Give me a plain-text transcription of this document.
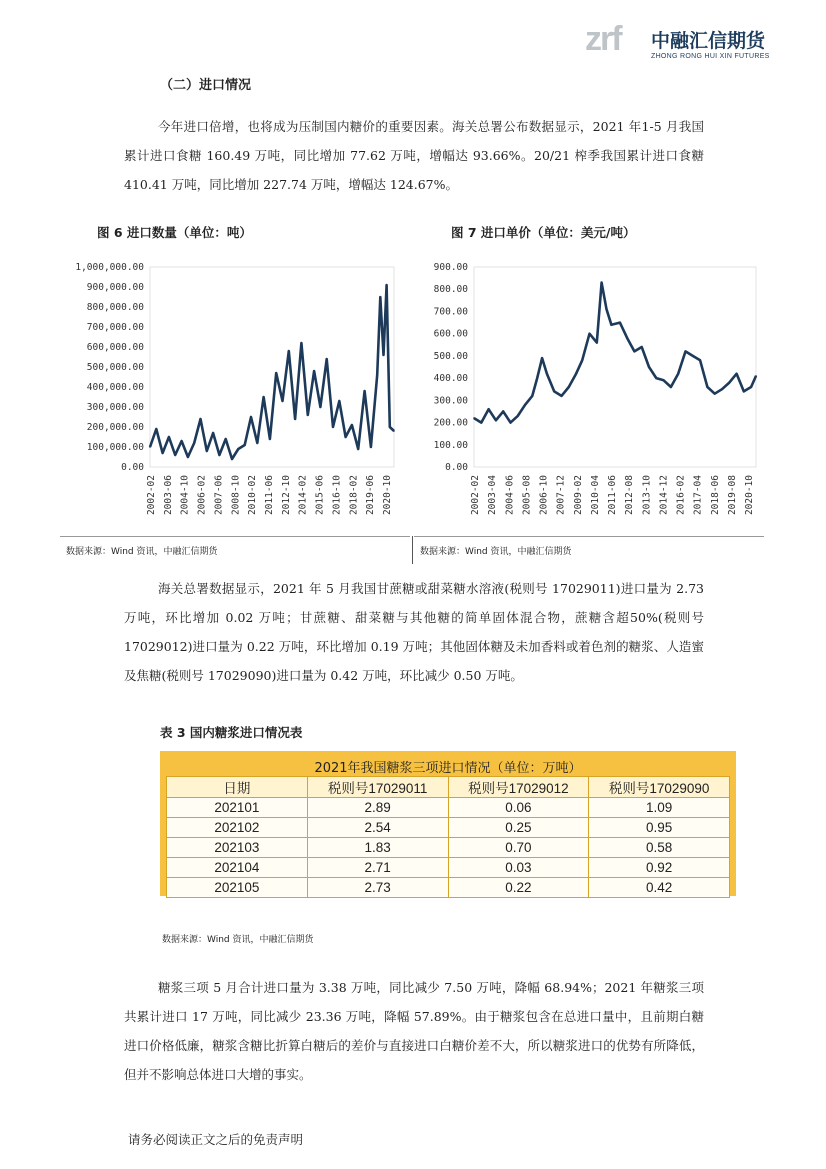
zrf 中融汇信期货
ZHONG RONG HUI XIN FUTURES
（二）进口情况
今年进口倍增，也将成为压制国内糖价的重要因素。海关总署公布数据显示，2021 年1-5 月我国累计进口食糖 160.49 万吨，同比增加 77.62 万吨，增幅达 93.66%。20/21 榨季我国累计进口食糖 410.41 万吨，同比增加 227.74 万吨，增幅达 124.67%。
图 6 进口数量（单位：吨）
1,000,000.00
900,000.00
800,000.00
700,000.00
600,000.00
500,000.00
400,000.00
300,000.00
200,000.00
100,000.00
0.00
2002-02 2003-06 2004-10 2006-02 2007-06 2008-10 2010-02 2011-06 2012-10 2014-02 2015-06 2016-10 2018-02 2019-06 2020-10
图 7 进口单价（单位：美元/吨）
900.00
800.00
700.00
600.00
500.00
400.00
300.00
200.00
100.00
0.00
2002-02 2003-04 2004-06 2005-08 2006-10 2007-12 2009-02 2010-04 2011-06 2012-08 2013-10 2014-12 2016-02 2017-04 2018-06 2019-08 2020-10
数据来源：Wind 资讯，中融汇信期货	数据来源：Wind 资讯，中融汇信期货
海关总署数据显示，2021 年 5 月我国甘蔗糖或甜菜糖水溶液(税则号 17029011)进口量为 2.73 万吨，环比增加 0.02 万吨；甘蔗糖、甜菜糖与其他糖的简单固体混合物，蔗糖含超50%(税则号 17029012)进口量为 0.22 万吨，环比增加 0.19 万吨；其他固体糖及未加香料或着色剂的糖浆、人造蜜及焦糖(税则号 17029090)进口量为 0.42 万吨，环比减少 0.50 万吨。
表 3 国内糖浆进口情况表
2021年我国糖浆三项进口情况（单位：万吨）			
日期	税则号17029011	税则号17029012	税则号17029090
202101	2.89	0.06	1.09
202102	2.54	0.25	0.95
202103	1.83	0.70	0.58
202104	2.71	0.03	0.92
202105	2.73	0.22	0.42
数据来源：Wind 资讯，中融汇信期货
糖浆三项 5 月合计进口量为 3.38 万吨，同比减少 7.50 万吨，降幅 68.94%；2021 年糖浆三项共累计进口 17 万吨，同比减少 23.36 万吨，降幅 57.89%。由于糖浆包含在总进口量中，且前期白糖进口价格低廉，糖浆含糖比折算白糖后的差价与直接进口白糖价差不大，所以糖浆进口的优势有所降低，但并不影响总体进口大增的事实。
请务必阅读正文之后的免责声明
